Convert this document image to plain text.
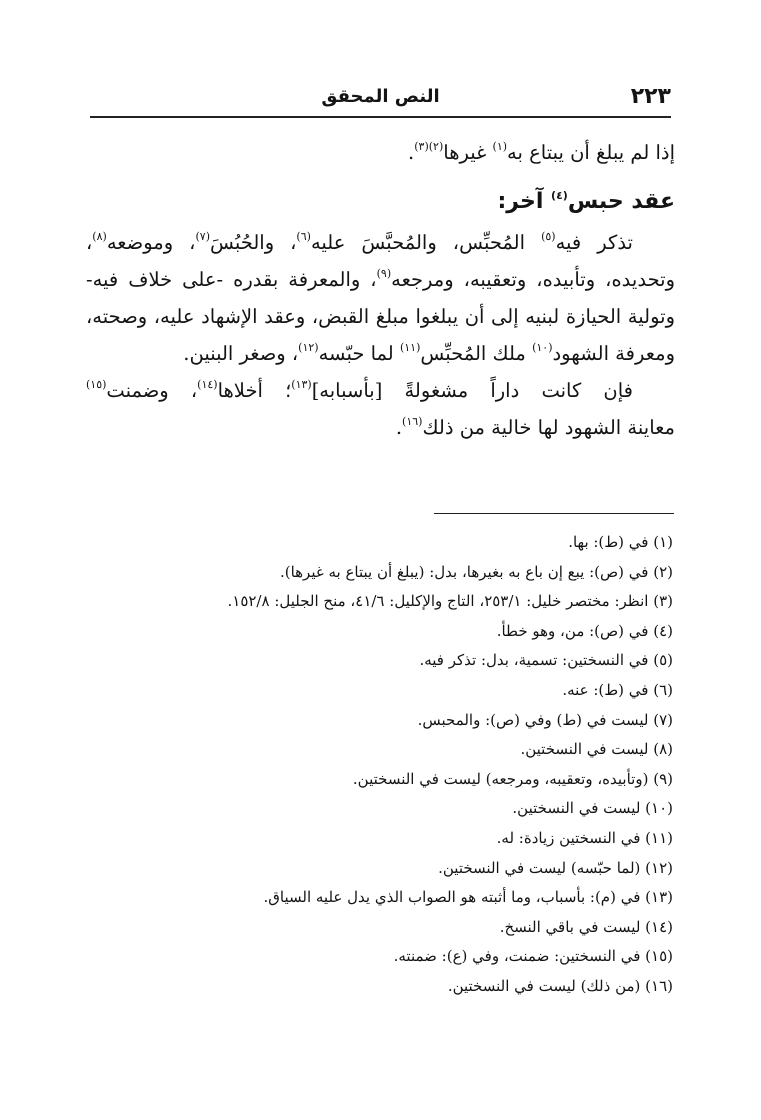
٢٢٣
النص المحقق
إذا لم يبلغ أن يبتاع به$^{(١)}$ غيرها$^{(٢)(٣)}$.
عقد حبس$^{(٤)}$ آخر:
تذكر فيه$^{(٥)}$ المُحبِّس، والمُحبَّسَ عليه$^{(٦)}$، والحُبُسَ$^{(٧)}$، وموضعه$^{(٨)}$،
وتحديده، وتأبيده، وتعقيبه، ومرجعه$^{(٩)}$، والمعرفة بقدره -على خلاف فيه-
وتولية الحيازة لبنيه إلى أن يبلغوا مبلغ القبض، وعقد الإشهاد عليه، وصحته،
ومعرفة الشهود$^{(١٠)}$ ملك المُحبِّس$^{(١١)}$ لما حبّسه$^{(١٢)}$، وصغر البنين.
فإن كانت داراً مشغولةً [بأسبابه]$^{(١٣)}$؛ أخلاها$^{(١٤)}$، وضمنت$^{(١٥)}$
معاينة الشهود لها خالية من ذلك$^{(١٦)}$.
(١) في (ط): بها.
(٢) في (ص): يبع إن باع به بغيرها، بدل: (يبلغ أن يبتاع به غيرها).
(٣) انظر: مختصر خليل: ٢٥٣/١، التاج والإكليل: ٤١/٦، منح الجليل: ١٥٢/٨.
(٤) في (ص): من، وهو خطأ.
(٥) في النسختين: تسمية، بدل: تذكر فيه.
(٦) في (ط): عنه.
(٧) ليست في (ط) وفي (ص): والمحبس.
(٨) ليست في النسختين.
(٩) (وتأبيده، وتعقيبه، ومرجعه) ليست في النسختين.
(١٠) ليست في النسختين.
(١١) في النسختين زيادة: له.
(١٢) (لما حبّسه) ليست في النسختين.
(١٣) في (م): بأسباب، وما أثبته هو الصواب الذي يدل عليه السياق.
(١٤) ليست في باقي النسخ.
(١٥) في النسختين: ضمنت، وفي (ع): ضمنته.
(١٦) (من ذلك) ليست في النسختين.
